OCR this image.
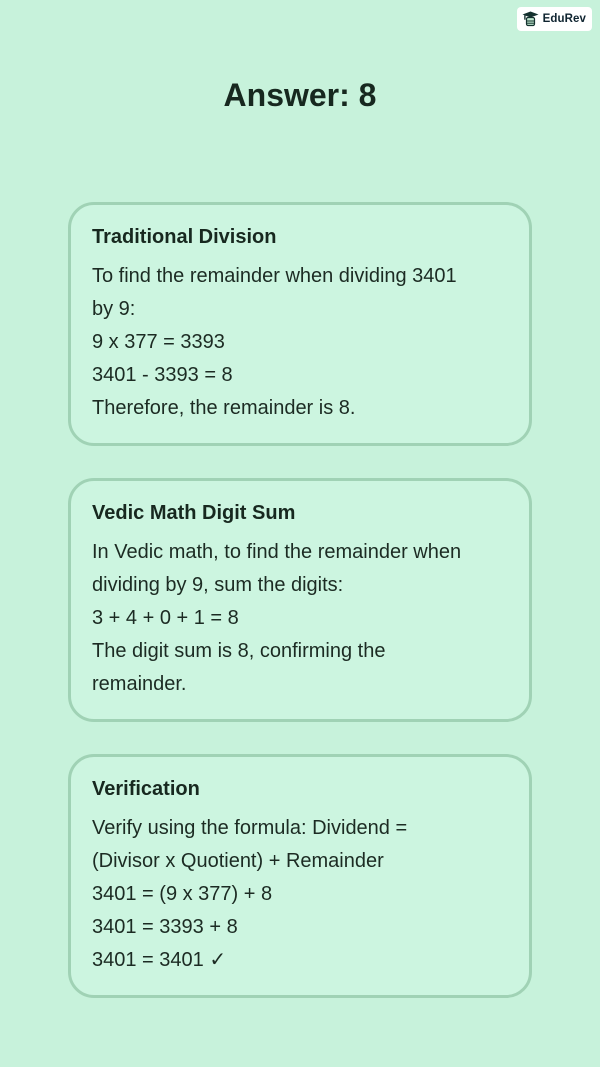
EduRev
Answer: 8
Traditional Division
To find the remainder when dividing 3401
by 9:
9 x 377 = 3393
3401 - 3393 = 8
Therefore, the remainder is 8.
Vedic Math Digit Sum
In Vedic math, to find the remainder when
dividing by 9, sum the digits:
3 + 4 + 0 + 1 = 8
The digit sum is 8, confirming the
remainder.
Verification
Verify using the formula: Dividend =
(Divisor x Quotient) + Remainder
3401 = (9 x 377) + 8
3401 = 3393 + 8
3401 = 3401 ✓
